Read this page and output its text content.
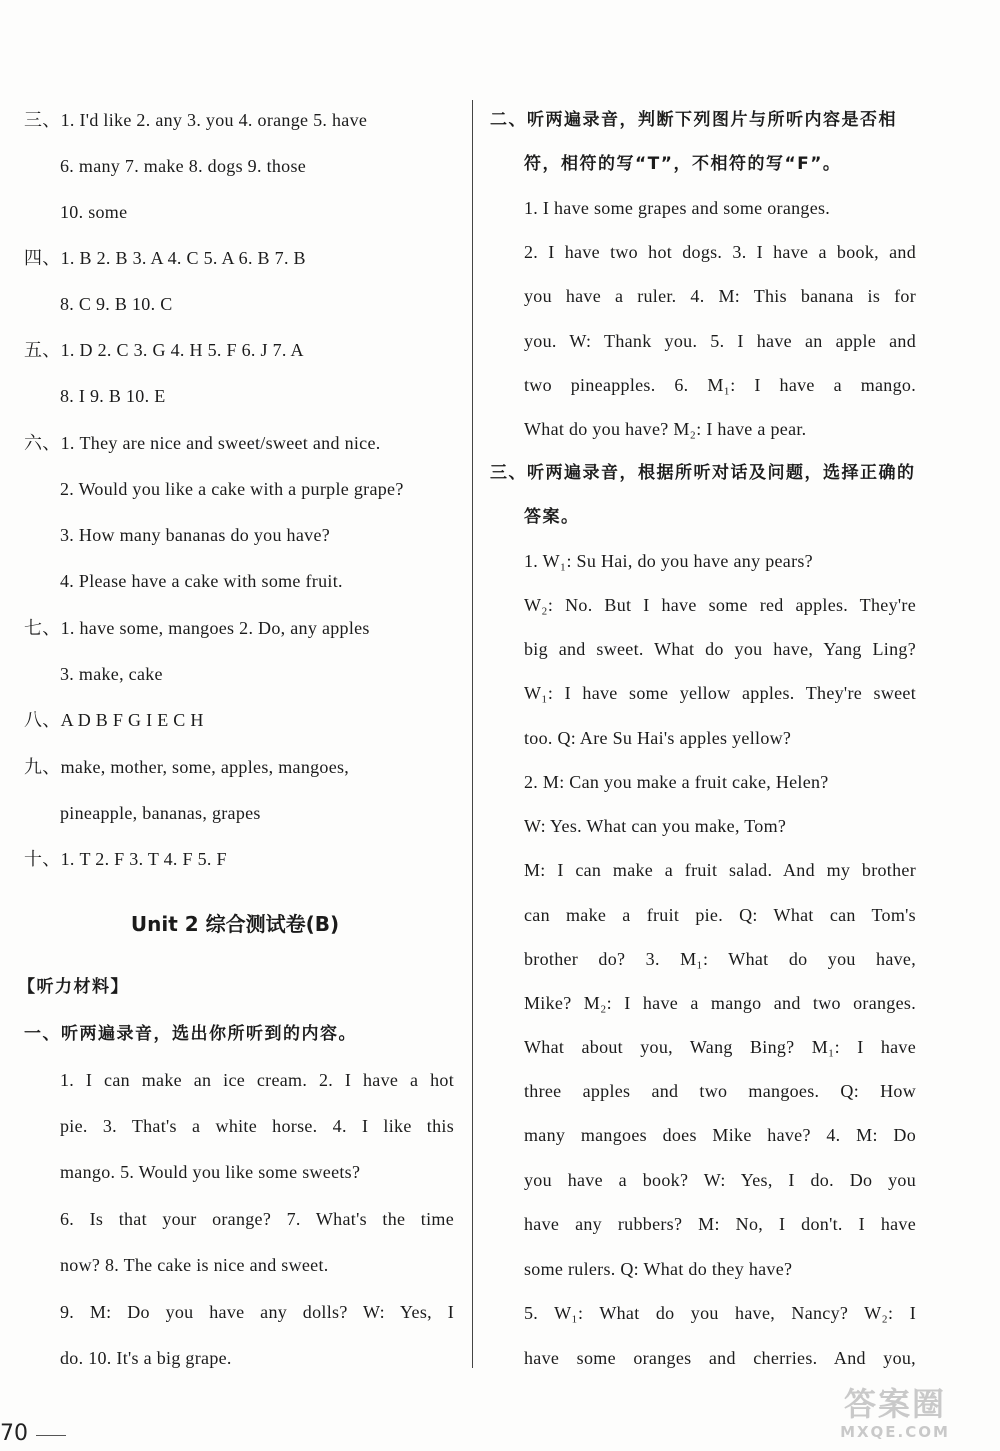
三、1. I'd like 2. any 3. you 4. orange 5. have
6. many 7. make 8. dogs 9. those
10. some
四、1. B 2. B 3. A 4. C 5. A 6. B 7. B
8. C 9. B 10. C
五、1. D 2. C 3. G 4. H 5. F 6. J 7. A
8. I 9. B 10. E
六、1. They are nice and sweet/sweet and nice.
2. Would you like a cake with a purple grape?
3. How many bananas do you have?
4. Please have a cake with some fruit.
七、1. have some, mangoes 2. Do, any apples
3. make, cake
八、A D B F G I E C H
九、make, mother, some, apples, mangoes,
pineapple, bananas, grapes
十、1. T 2. F 3. T 4. F 5. F
Unit 2 综合测试卷(B)
【听力材料】
一、听两遍录音，选出你所听到的内容。
1. I can make an ice cream. 2. I have a hot
pie. 3. That's a white horse. 4. I like this
mango. 5. Would you like some sweets?
6. Is that your orange? 7. What's the time
now? 8. The cake is nice and sweet.
9. M: Do you have any dolls? W: Yes, I
do. 10. It's a big grape.
二、听两遍录音，判断下列图片与所听内容是否相
符，相符的写“T”，不相符的写“F”。
1. I have some grapes and some oranges.
2. I have two hot dogs. 3. I have a book, and
you have a ruler. 4. M: This banana is for
you. W: Thank you. 5. I have an apple and
two pineapples. 6. M₁: I have a mango.
What do you have? M₂: I have a pear.
三、听两遍录音，根据所听对话及问题，选择正确的
答案。
1. W₁: Su Hai, do you have any pears?
W₂: No. But I have some red apples. They're
big and sweet. What do you have, Yang Ling?
W₁: I have some yellow apples. They're sweet
too. Q: Are Su Hai's apples yellow?
2. M: Can you make a fruit cake, Helen?
W: Yes. What can you make, Tom?
M: I can make a fruit salad. And my brother
can make a fruit pie. Q: What can Tom's
brother do? 3. M₁: What do you have,
Mike? M₂: I have a mango and two oranges.
What about you, Wang Bing? M₁: I have
three apples and two mangoes. Q: How
many mangoes does Mike have? 4. M: Do
you have a book? W: Yes, I do. Do you
have any rubbers? M: No, I don't. I have
some rulers. Q: What do they have?
5. W₁: What do you have, Nancy? W₂: I
have some oranges and cherries. And you,
70
答案圈
MXQE.COM
